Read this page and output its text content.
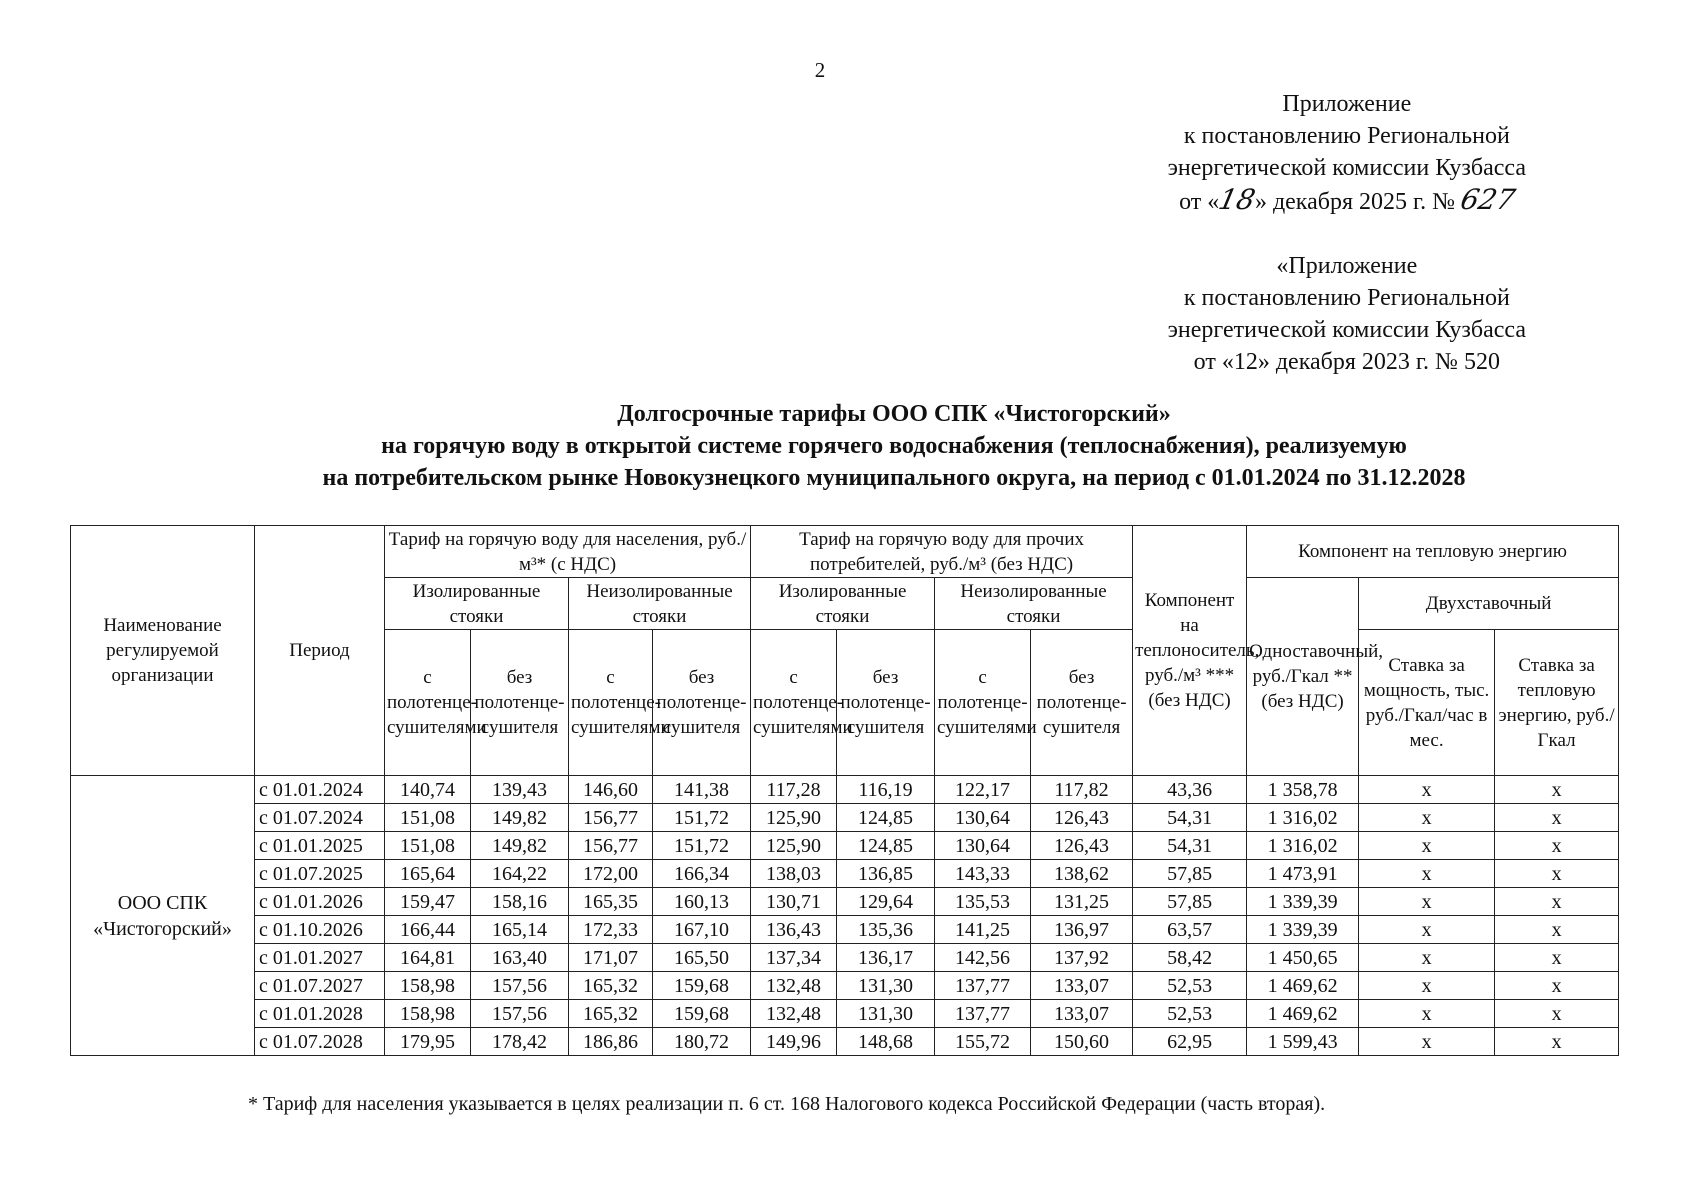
2
Приложение
к постановлению Региональной
энергетической комиссии Кузбасса
от «18» декабря 2025 г. № 627
«Приложение
к постановлению Региональной
энергетической комиссии Кузбасса
от «12» декабря 2023 г. № 520
Долгосрочные тарифы ООО СПК «Чистогорский»
на горячую воду в открытой системе горячего водоснабжения (теплоснабжения), реализуемую
на потребительском рынке Новокузнецкого муниципального округа, на период с 01.01.2024 по 31.12.2028
Наименование регулируемой организации	Период	Тариф на горячую воду для населения, руб./м³* (с НДС)				Тариф на горячую воду для прочих потребителей, руб./м³ (без НДС)				Компонент на теплоноситель, руб./м³ ***(без НДС)	Компонент на тепловую энергию		
		Изолированные стояки		Неизолированные стояки		Изолированные стояки		Неизолированные стояки			Одноставочный, руб./Гкал ** (без НДС)	Двухставочный	
		с полотенце-сушителями	без полотенце-сушителя	с полотенце-сушителями	без полотенце-сушителя	с полотенце-сушителями	без полотенце-сушителя	с полотенце-сушителями	без полотенце-сушителя			Ставка за мощность, тыс. руб./Гкал/час в мес.	Ставка за тепловую энергию, руб./Гкал

ООО СПК «Чистогорский»	с 01.01.2024	140,74	139,43	146,60	141,38	117,28	116,19	122,17	117,82	43,36	1 358,78	x	x
	с 01.07.2024	151,08	149,82	156,77	151,72	125,90	124,85	130,64	126,43	54,31	1 316,02	x	x
	с 01.01.2025	151,08	149,82	156,77	151,72	125,90	124,85	130,64	126,43	54,31	1 316,02	x	x
	с 01.07.2025	165,64	164,22	172,00	166,34	138,03	136,85	143,33	138,62	57,85	1 473,91	x	x
	с 01.01.2026	159,47	158,16	165,35	160,13	130,71	129,64	135,53	131,25	57,85	1 339,39	x	x
	с 01.10.2026	166,44	165,14	172,33	167,10	136,43	135,36	141,25	136,97	63,57	1 339,39	x	x
	с 01.01.2027	164,81	163,40	171,07	165,50	137,34	136,17	142,56	137,92	58,42	1 450,65	x	x
	с 01.07.2027	158,98	157,56	165,32	159,68	132,48	131,30	137,77	133,07	52,53	1 469,62	x	x
	с 01.01.2028	158,98	157,56	165,32	159,68	132,48	131,30	137,77	133,07	52,53	1 469,62	x	x
	с 01.07.2028	179,95	178,42	186,86	180,72	149,96	148,68	155,72	150,60	62,95	1 599,43	x	x
* Тариф для населения указывается в целях реализации п. 6 ст. 168 Налогового кодекса Российской Федерации (часть вторая).
